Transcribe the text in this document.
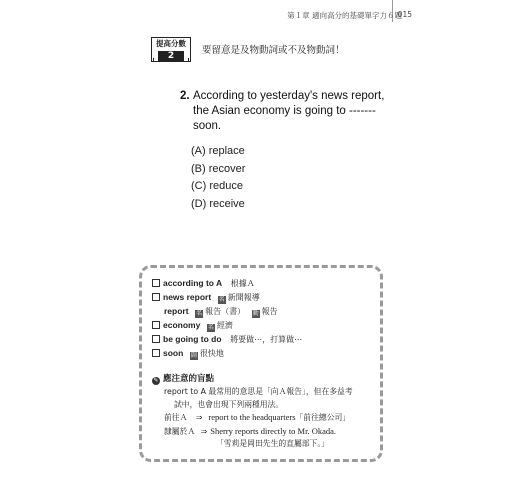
第１章 適向高分的基礎單字力６題
015
提高分數
2	要留意是及物動詞或不及物動詞！
2. According to yesterday's news report,
the Asian economy is going to -------
soon.
(A) replace
(B) recover
(C) reduce
(D) receive
according to A 根據Ａ
news report 名 新聞報導
report 名 報告（書） 動 報告
economy 名 經濟
be going to do 將要做⋯，打算做⋯
soon 副 很快地
✎ 應注意的盲點
report to A 最常用的意思是「向Ａ報告」，但在多益考
試中，也會出現下列兩種用法。
前往Ａ ⇒ report to the headquarters「前往總公司」
隸屬於Ａ ⇒ Sherry reports directly to Mr. Okada.
「雪莉是岡田先生的直屬部下。」
